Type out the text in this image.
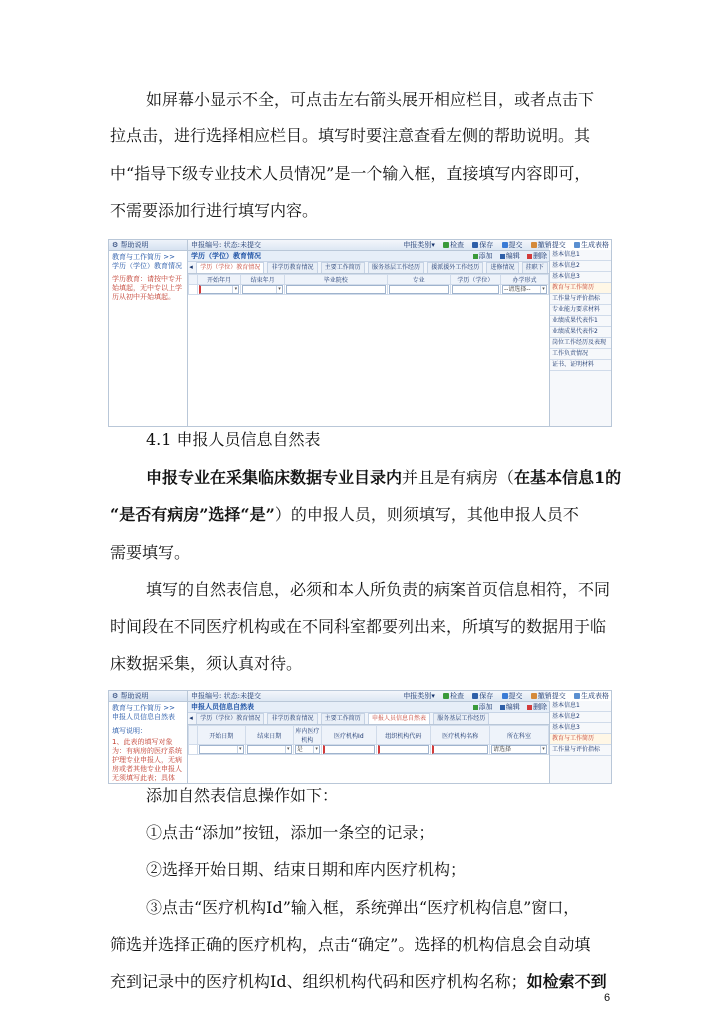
如屏幕小显示不全，可点击左右箭头展开相应栏目，或者点击下
拉点击，进行选择相应栏目。填写时要注意查看左侧的帮助说明。其
中“指导下级专业技术人员情况”是一个输入框，直接填写内容即可，
不需要添加行进行填写内容。
⚙ 帮助说明
教育与工作简历 >> 学历（学位）教育情况
学历教育：请按中专开始填起，无中专以上学历从初中开始填起。
申报编号: 状态:未提交	申报类别▾ 检查 保存 提交 撤销提交 生成表格
学历（学位）教育情况	添加 编辑 删除
◂ 学历（学位）教育情况 非学历教育情况 主要工作简历 服务基层工作经历 援派援外工作经历 进修情况 挂职下
	开始年月	结束年月	毕业院校	专业	学历（学位）	办学形式

	▾	▾				--请选择-- ▾
基本信息1
基本信息2
基本信息3
教育与工作简历
工作量与评价指标
专业能力要求材料
业绩成果代表作1
业绩成果代表作2
岗位工作经历及表现
工作负责情况
证书、证明材料
4.1 申报人员信息自然表
申报专业在采集临床数据专业目录内并且是有病房（在基本信息1的
“是否有病房”选择“是”）的申报人员，则须填写，其他申报人员不
需要填写。
填写的自然表信息，必须和本人所负责的病案首页信息相符，不同
时间段在不同医疗机构或在不同科室都要列出来，所填写的数据用于临
床数据采集，须认真对待。
⚙ 帮助说明
教育与工作简历 >> 申报人员信息自然表
填写说明：
1、此表的填写对象为：有病房的医疗系统护理专业申报人，无病房或者其他专业申报人无须填写此表；具体
申报编号: 状态:未提交	申报类别▾ 检查 保存 提交 撤销提交 生成表格
申报人员信息自然表	添加 编辑 删除
◂ 学历（学位）教育情况 非学历教育情况 主要工作简历 申报人员信息自然表 服务基层工作经历
	开始日期	结束日期	库内医疗机构	医疗机构Id	组织机构代码	医疗机构名称	所在科室

	▾	▾	是 ▾				请选择 ▾
基本信息1
基本信息2
基本信息3
教育与工作简历
工作量与评价指标
添加自然表信息操作如下：
①点击“添加”按钮，添加一条空的记录；
②选择开始日期、结束日期和库内医疗机构；
③点击“医疗机构Id”输入框，系统弹出“医疗机构信息”窗口，
筛选并选择正确的医疗机构，点击“确定”。选择的机构信息会自动填
充到记录中的医疗机构Id、组织机构代码和医疗机构名称；如检索不到
6
